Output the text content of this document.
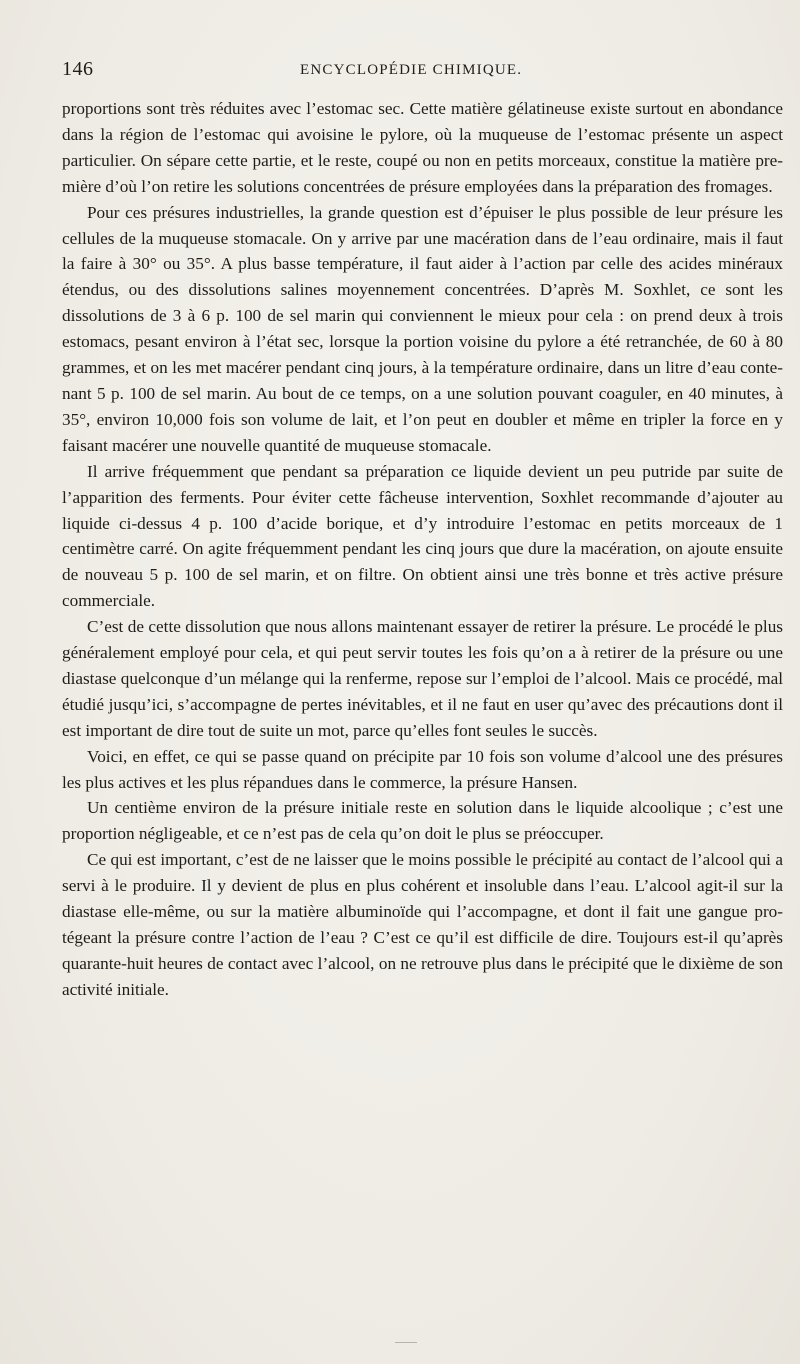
146	ENCYCLOPÉDIE CHIMIQUE.

proportions sont très réduites avec l’estomac sec. Cette matière gélatineuse existe surtout en abondance dans la région de l’estomac qui avoisine le pylore, où la muqueuse de l’estomac présente un aspect particulier. On sépare cette partie, et le reste, coupé ou non en petits morceaux, constitue la matière première d’où l’on retire les solutions concentrées de présure employées dans la préparation des fromages.

Pour ces présures industrielles, la grande question est d’épuiser le plus possible de leur présure les cellules de la muqueuse stomacale. On y arrive par une macération dans de l’eau ordinaire, mais il faut la faire à 30° ou 35°. A plus basse température, il faut aider à l’action par celle des acides minéraux étendus, ou des dissolutions salines moyennement concentrées. D’après M. Soxhlet, ce sont les dissolutions de 3 à 6 p. 100 de sel marin qui conviennent le mieux pour cela : on prend deux à trois estomacs, pesant environ à l’état sec, lorsque la portion voisine du pylore a été retranchée, de 60 à 80 grammes, et on les met macérer pendant cinq jours, à la température ordinaire, dans un litre d’eau contenant 5 p. 100 de sel marin. Au bout de ce temps, on a une solution pouvant coaguler, en 40 minutes, à 35°, environ 10,000 fois son volume de lait, et l’on peut en doubler et même en tripler la force en y faisant macérer une nouvelle quantité de muqueuse stomacale.

Il arrive fréquemment que pendant sa préparation ce liquide devient un peu putride par suite de l’apparition des ferments. Pour éviter cette fâcheuse intervention, Soxhlet recommande d’ajouter au liquide ci-dessus 4 p. 100 d’acide borique, et d’y introduire l’estomac en petits morceaux de 1 centimètre carré. On agite fréquemment pendant les cinq jours que dure la macération, on ajoute ensuite de nouveau 5 p. 100 de sel marin, et on filtre. On obtient ainsi une très bonne et très active présure commerciale.

C’est de cette dissolution que nous allons maintenant essayer de retirer la présure. Le procédé le plus généralement employé pour cela, et qui peut servir toutes les fois qu’on a à retirer de la présure ou une diastase quelconque d’un mélange qui la renferme, repose sur l’emploi de l’alcool. Mais ce procédé, mal étudié jusqu’ici, s’accompagne de pertes inévitables, et il ne faut en user qu’avec des précautions dont il est important de dire tout de suite un mot, parce qu’elles font seules le succès.

Voici, en effet, ce qui se passe quand on précipite par 10 fois son volume d’alcool une des présures les plus actives et les plus répandues dans le commerce, la présure Hansen.

Un centième environ de la présure initiale reste en solution dans le liquide alcoolique ; c’est une proportion négligeable, et ce n’est pas de cela qu’on doit le plus se préoccuper.

Ce qui est important, c’est de ne laisser que le moins possible le précipité au contact de l’alcool qui a servi à le produire. Il y devient de plus en plus cohérent et insoluble dans l’eau. L’alcool agit-il sur la diastase elle-même, ou sur la matière albuminoïde qui l’accompagne, et dont il fait une gangue protégeant la présure contre l’action de l’eau ? C’est ce qu’il est difficile de dire. Toujours est-il qu’après quarante-huit heures de contact avec l’alcool, on ne retrouve plus dans le précipité que le dixième de son activité initiale.
